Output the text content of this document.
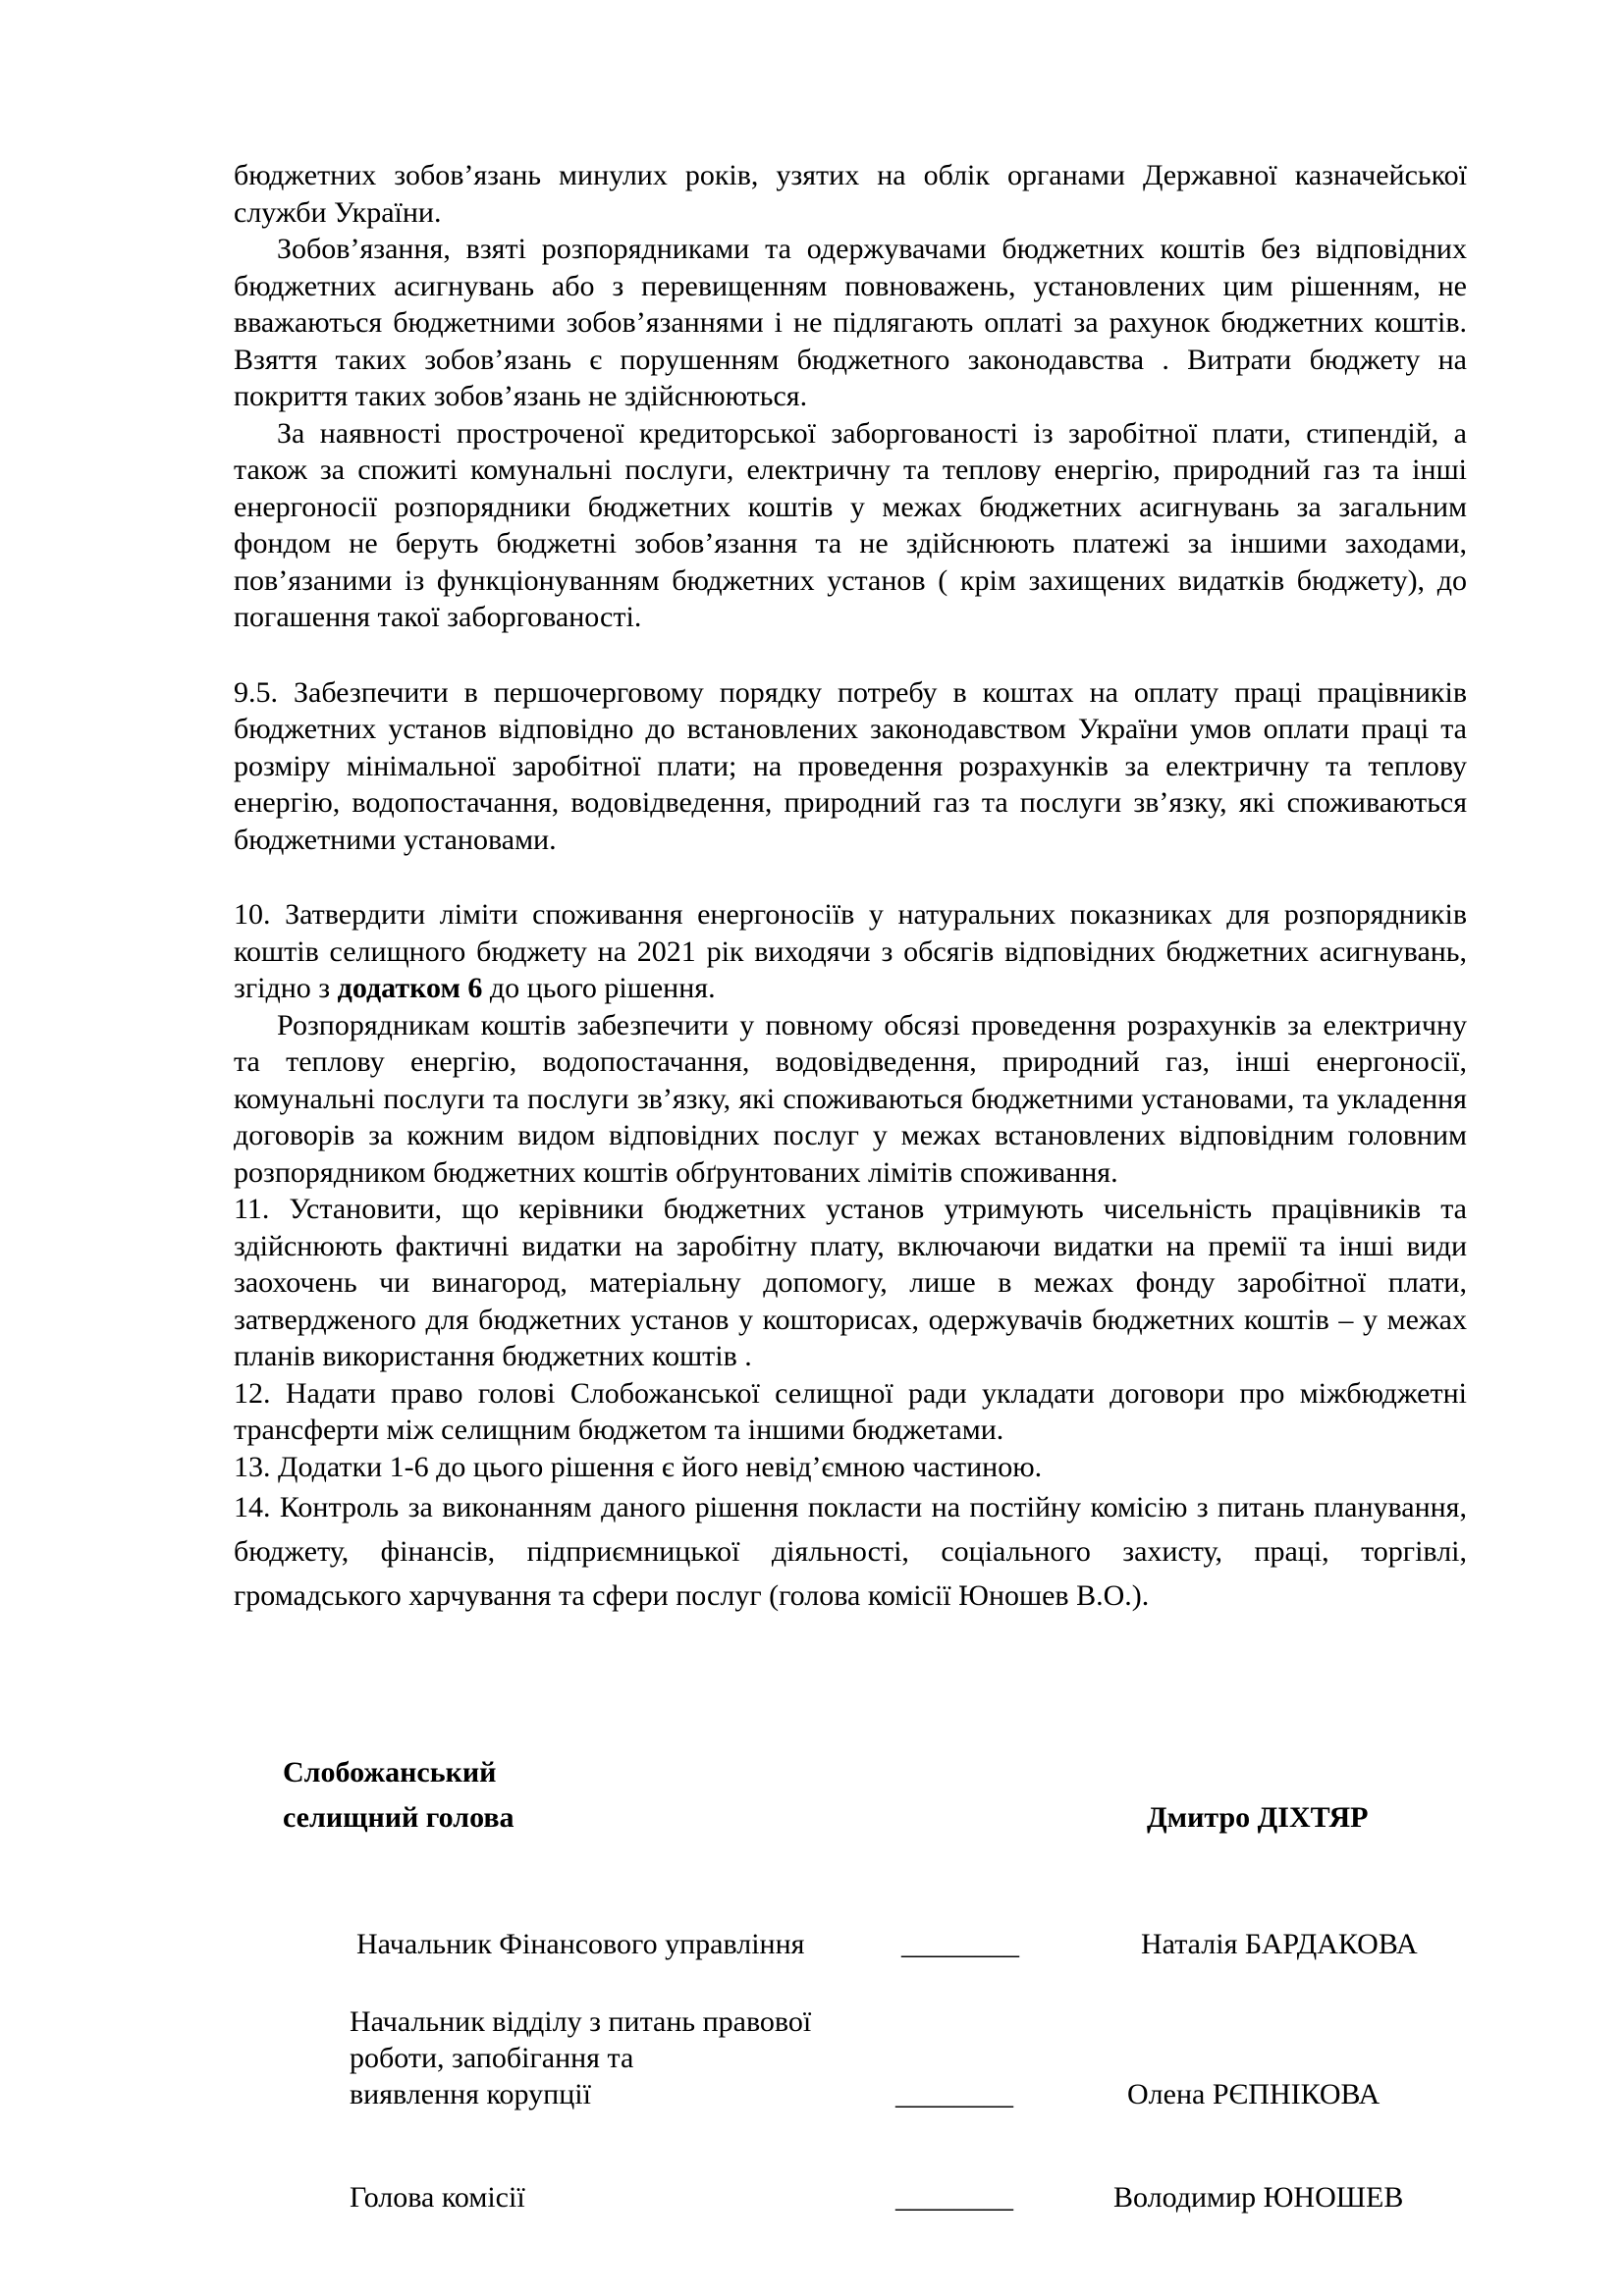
бюджетних зобов’язань минулих років, узятих на облік органами Державної казначейської служби України.

Зобов’язання, взяті розпорядниками та одержувачами бюджетних коштів без відповідних бюджетних асигнувань або з перевищенням повноважень, установлених цим рішенням, не вважаються бюджетними зобов’язаннями і не підлягають оплаті за рахунок бюджетних коштів. Взяття таких зобов’язань є порушенням бюджетного законодавства . Витрати бюджету на покриття таких зобов’язань не здійснюються.

За наявності простроченої кредиторської заборгованості із заробітної плати, стипендій, а також за спожиті комунальні послуги, електричну та теплову енергію, природний газ та інші енергоносії розпорядники бюджетних коштів у межах бюджетних асигнувань за загальним фондом не беруть бюджетні зобов’язання та не здійснюють платежі за іншими заходами, пов’язаними із функціонуванням бюджетних установ ( крім захищених видатків бюджету), до погашення такої заборгованості.

9.5. Забезпечити в першочерговому порядку потребу в коштах на оплату праці працівників бюджетних установ відповідно до встановлених законодавством України умов оплати праці та розміру мінімальної заробітної плати; на проведення розрахунків за електричну та теплову енергію, водопостачання, водовідведення, природний газ та послуги зв’язку, які споживаються бюджетними установами.

10. Затвердити ліміти споживання енергоносіїв у натуральних показниках для розпорядників коштів селищного бюджету на 2021 рік виходячи з обсягів відповідних бюджетних асигнувань, згідно з додатком 6 до цього рішення.

Розпорядникам коштів забезпечити у повному обсязі проведення розрахунків за електричну та теплову енергію, водопостачання, водовідведення, природний газ, інші енергоносії, комунальні послуги та послуги зв’язку, які споживаються бюджетними установами, та укладення договорів за кожним видом відповідних послуг у межах встановлених відповідним головним розпорядником бюджетних коштів обґрунтованих лімітів споживання.

11. Установити, що керівники бюджетних установ утримують чисельність працівників та здійснюють фактичні видатки на заробітну плату, включаючи видатки на премії та інші види заохочень чи винагород, матеріальну допомогу, лише в межах фонду заробітної плати, затвердженого для бюджетних установ у кошторисах, одержувачів бюджетних коштів – у межах планів використання бюджетних коштів .

12. Надати право голові Слобожанської селищної ради укладати договори про міжбюджетні трансферти між селищним бюджетом та іншими бюджетами.

13. Додатки 1-6 до цього рішення є його невід’ємною частиною.

14. Контроль за виконанням даного рішення покласти на постійну комісію з питань планування, бюджету, фінансів, підприємницької діяльності, соціального захисту, праці, торгівлі, громадського харчування та сфери послуг (голова комісії Юношев В.О.).

Слобожанський
селищний голова	Дмитро ДІХТЯР
Начальник Фінансового управління	________	Наталія БАРДАКОВА
Начальник відділу з питань правової
роботи, запобігання та
виявлення корупції	________	Олена РЄПНІКОВА
Голова комісії	________	Володимир ЮНОШЕВ
